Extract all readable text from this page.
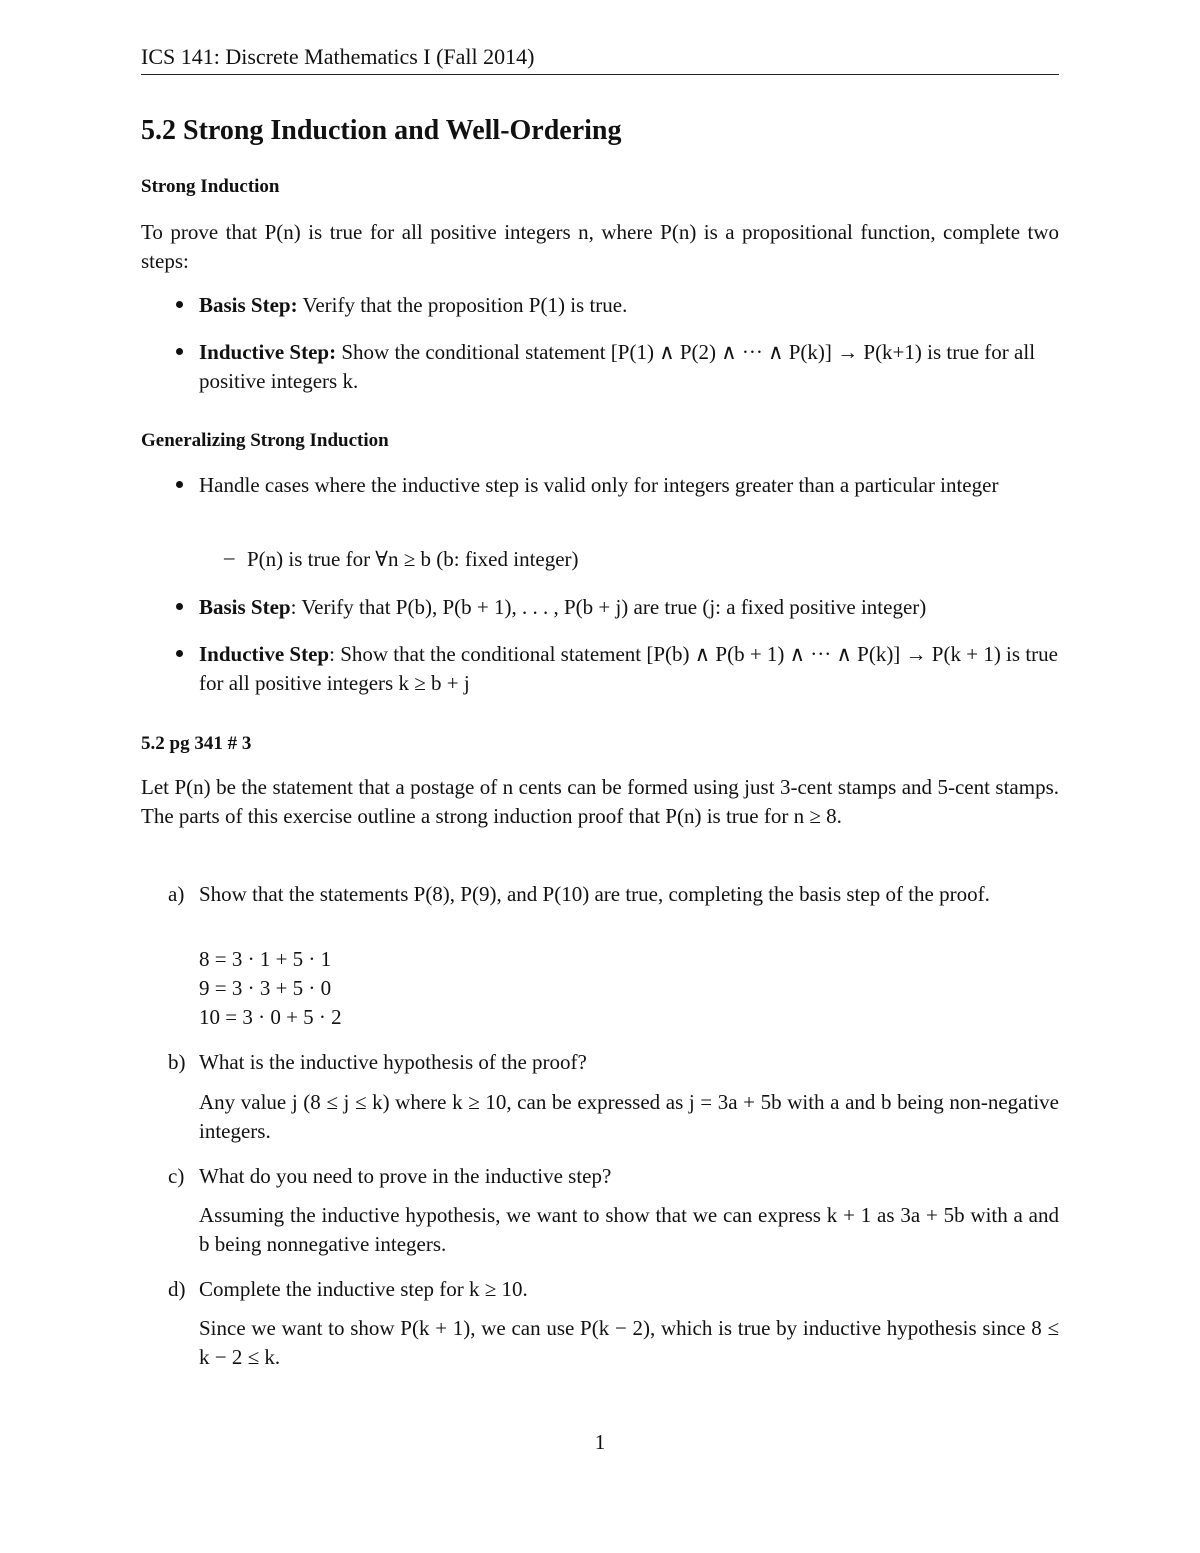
ICS 141: Discrete Mathematics I (Fall 2014)
5.2 Strong Induction and Well-Ordering
Strong Induction
To prove that P(n) is true for all positive integers n, where P(n) is a propositional function, complete two steps:
Basis Step: Verify that the proposition P(1) is true.
Inductive Step: Show the conditional statement [P(1) ∧ P(2) ∧ ··· ∧ P(k)] → P(k+1) is true for all positive integers k.
Generalizing Strong Induction
Handle cases where the inductive step is valid only for integers greater than a particular integer
– P(n) is true for ∀n ≥ b (b: fixed integer)
Basis Step: Verify that P(b), P(b + 1), . . . , P(b + j) are true (j: a fixed positive integer)
Inductive Step: Show that the conditional statement [P(b) ∧ P(b + 1) ∧ ··· ∧ P(k)] → P(k + 1) is true for all positive integers k ≥ b + j
5.2 pg 341 # 3
Let P(n) be the statement that a postage of n cents can be formed using just 3-cent stamps and 5-cent stamps. The parts of this exercise outline a strong induction proof that P(n) is true for n ≥ 8.
a) Show that the statements P(8), P(9), and P(10) are true, completing the basis step of the proof.
8 = 3 · 1 + 5 · 1
9 = 3 · 3 + 5 · 0
10 = 3 · 0 + 5 · 2
b) What is the inductive hypothesis of the proof?
Any value j (8 ≤ j ≤ k) where k ≥ 10, can be expressed as j = 3a + 5b with a and b being non-negative integers.
c) What do you need to prove in the inductive step?
Assuming the inductive hypothesis, we want to show that we can express k + 1 as 3a + 5b with a and b being nonnegative integers.
d) Complete the inductive step for k ≥ 10.
Since we want to show P(k + 1), we can use P(k − 2), which is true by inductive hypothesis since 8 ≤ k − 2 ≤ k.
1
